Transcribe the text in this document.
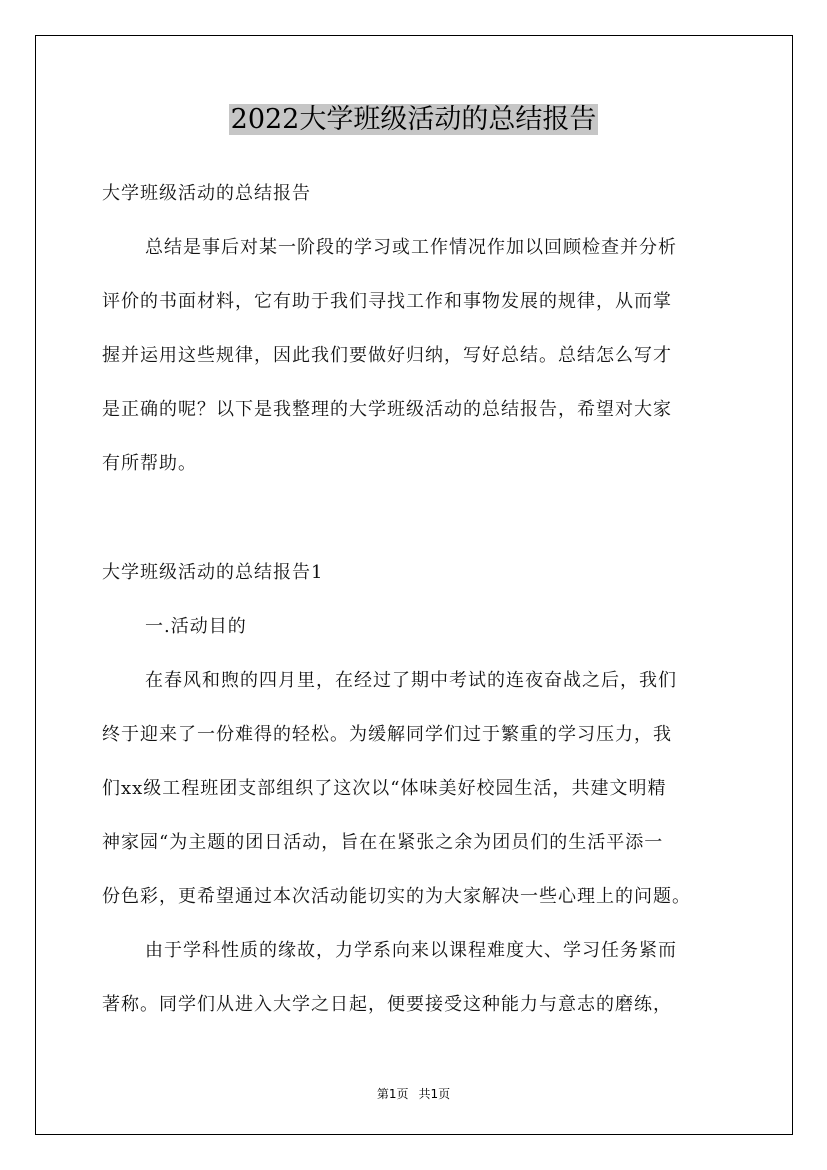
2022大学班级活动的总结报告
大学班级活动的总结报告
总结是事后对某一阶段的学习或工作情况作加以回顾检查并分析
评价的书面材料，它有助于我们寻找工作和事物发展的规律，从而掌
握并运用这些规律，因此我们要做好归纳，写好总结。总结怎么写才
是正确的呢？以下是我整理的大学班级活动的总结报告，希望对大家
有所帮助。
大学班级活动的总结报告1
一.活动目的
在春风和煦的四月里，在经过了期中考试的连夜奋战之后，我们
终于迎来了一份难得的轻松。为缓解同学们过于繁重的学习压力，我
们xx级工程班团支部组织了这次以“体味美好校园生活，共建文明精
神家园“为主题的团日活动，旨在在紧张之余为团员们的生活平添一
份色彩，更希望通过本次活动能切实的为大家解决一些心理上的问题。
由于学科性质的缘故，力学系向来以课程难度大、学习任务紧而
著称。同学们从进入大学之日起，便要接受这种能力与意志的磨练，
第1页 共1页
